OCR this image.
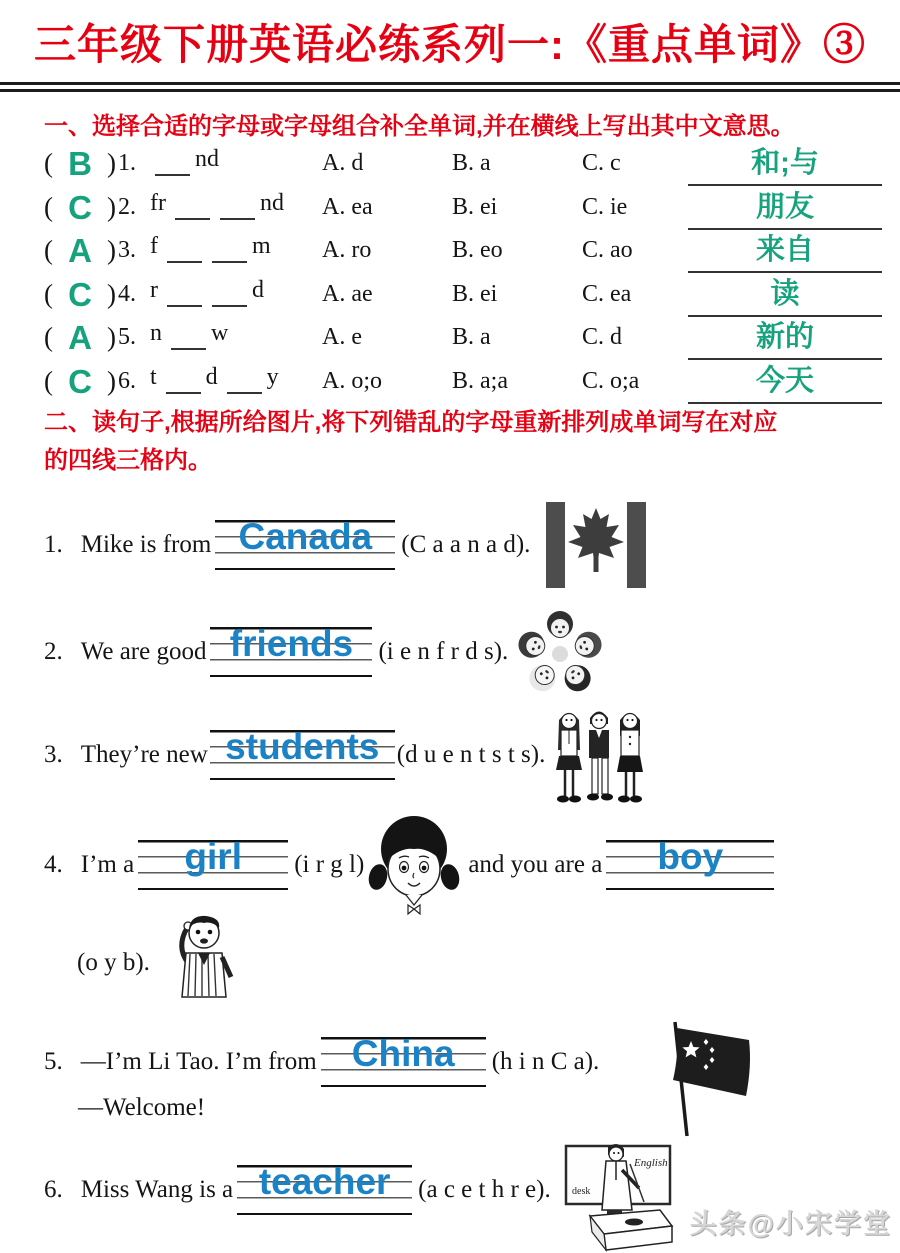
三年级下册英语必练系列一:《重点单词》③
一、选择合适的字母或字母组合补全单词,并在横线上写出其中文意思。
( B ) 1. nd	A. d	B. a	C. c	和;与
( C ) 2. fr	nd A. ea	B. ei	C. ie	朋友
( A ) 3. f	m A. ro	B. eo	C. ao	来自
( C ) 4. r	d A. ae	B. ei	C. ea	读
( A ) 5. n w	A. e	B. a	C. d	新的
( C ) 6. t d y A. o;o	B. a;a	C. o;a	今天
二、读句子,根据所给图片,将下列错乱的字母重新排列成单词写在对应
的四线三格内。
1. Mike is from Canada	(C a a n a d).
2. We are good friends	(i e n f r d s).
3. They’re new students (d u e n t s t s).
4. I’m a	girl	(i r g l)	and you are a	boy
(o y b).
5. —I’m Li Tao. I’m from China	(h i n C a).
—Welcome!
6. Miss Wang is a teacher	(a c e t h r e).
English
desk
头条@小宋学堂
